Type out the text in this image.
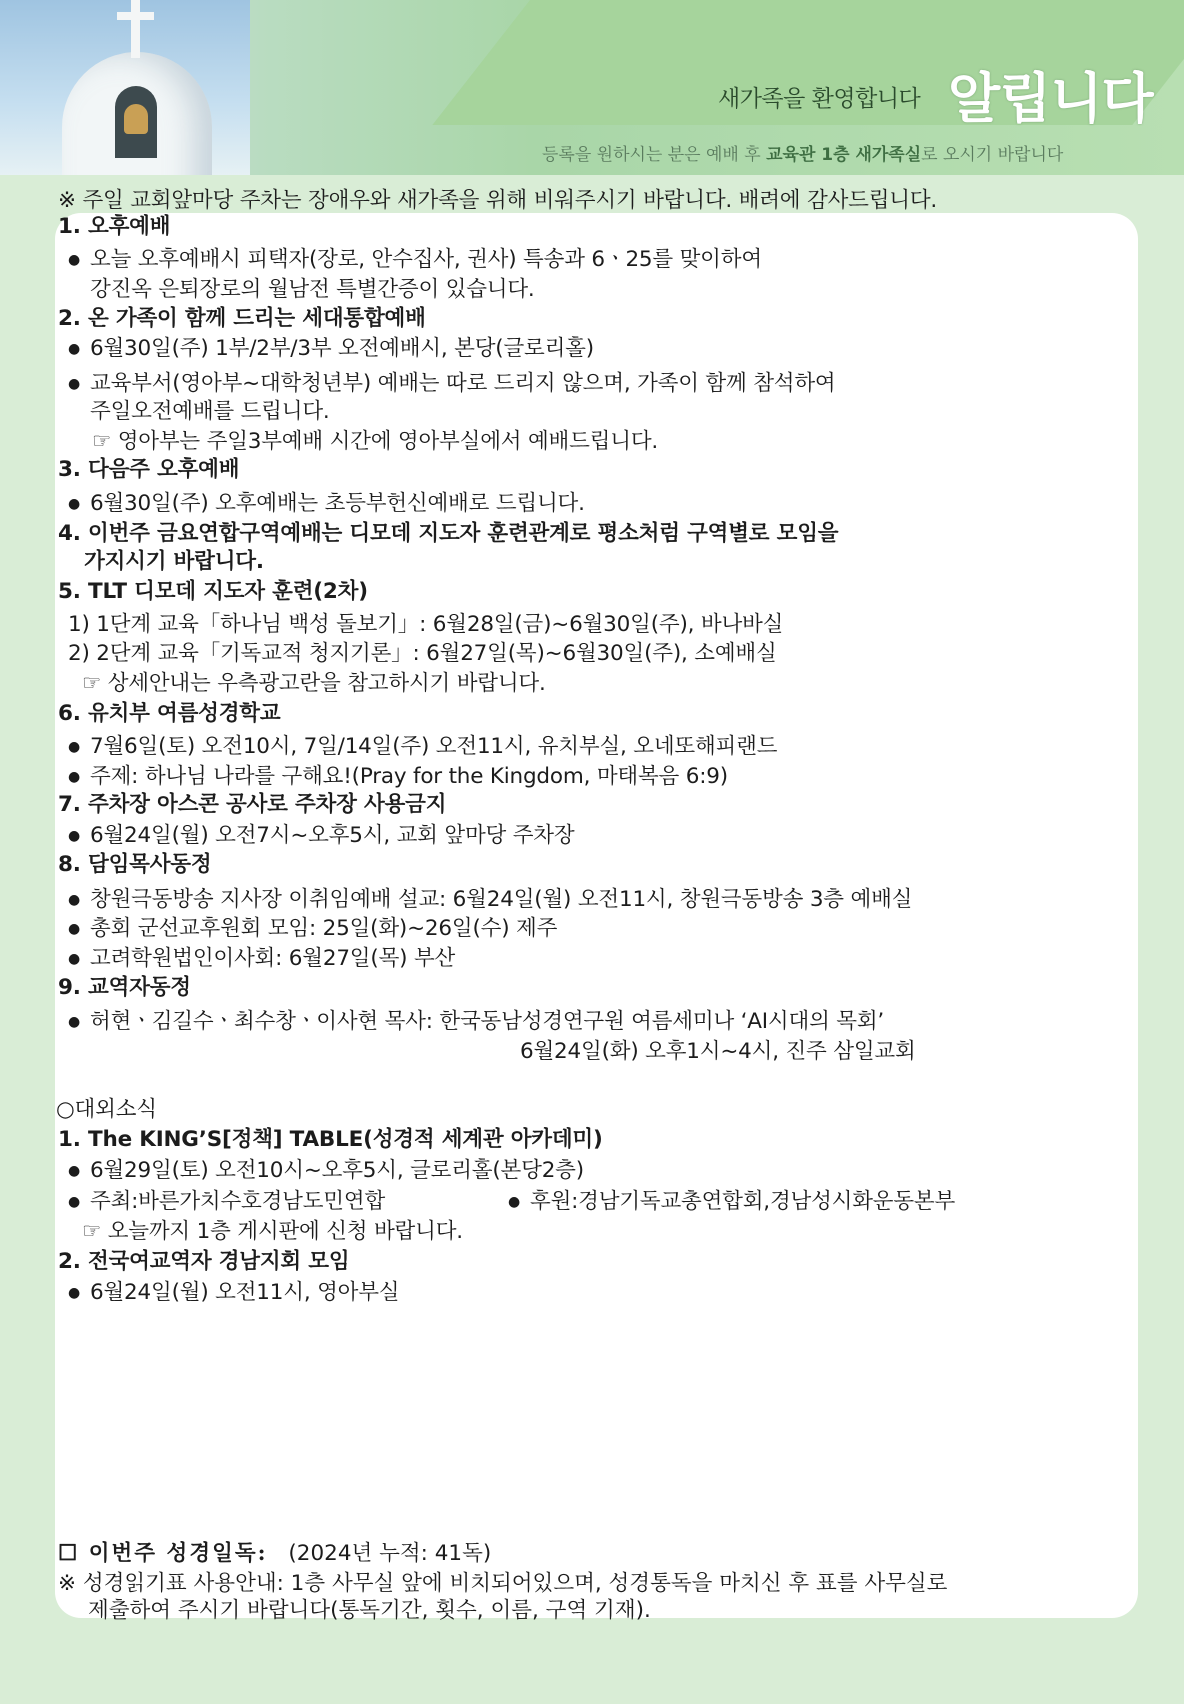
새가족을 환영합니다 알립니다
등록을 원하시는 분은 예배 후 교육관 1층 새가족실로 오시기 바랍니다
※ 주일 교회앞마당 주차는 장애우와 새가족을 위해 비워주시기 바랍니다. 배려에 감사드립니다.
1. 오후예배
● 오늘 오후예배시 피택자(장로, 안수집사, 권사) 특송과 6ㆍ25를 맞이하여
강진옥 은퇴장로의 월남전 특별간증이 있습니다.
2. 온 가족이 함께 드리는 세대통합예배
● 6월30일(주) 1부/2부/3부 오전예배시, 본당(글로리홀)
● 교육부서(영아부~대학청년부) 예배는 따로 드리지 않으며, 가족이 함께 참석하여
주일오전예배를 드립니다.
☞ 영아부는 주일3부예배 시간에 영아부실에서 예배드립니다.
3. 다음주 오후예배
● 6월30일(주) 오후예배는 초등부헌신예배로 드립니다.
4. 이번주 금요연합구역예배는 디모데 지도자 훈련관계로 평소처럼 구역별로 모임을
가지시기 바랍니다.
5. TLT 디모데 지도자 훈련(2차)
1) 1단계 교육「하나님 백성 돌보기」: 6월28일(금)~6월30일(주), 바나바실
2) 2단계 교육「기독교적 청지기론」: 6월27일(목)~6월30일(주), 소예배실
☞ 상세안내는 우측광고란을 참고하시기 바랍니다.
6. 유치부 여름성경학교
● 7월6일(토) 오전10시, 7일/14일(주) 오전11시, 유치부실, 오네또해피랜드
● 주제: 하나님 나라를 구해요!(Pray for the Kingdom, 마태복음 6:9)
7. 주차장 아스콘 공사로 주차장 사용금지
● 6월24일(월) 오전7시~오후5시, 교회 앞마당 주차장
8. 담임목사동정
● 창원극동방송 지사장 이취임예배 설교: 6월24일(월) 오전11시, 창원극동방송 3층 예배실
● 총회 군선교후원회 모임: 25일(화)~26일(수) 제주
● 고려학원법인이사회: 6월27일(목) 부산
9. 교역자동정
● 허현ㆍ김길수ㆍ최수창ㆍ이사현 목사: 한국동남성경연구원 여름세미나 ‘AI시대의 목회’
6월24일(화) 오후1시~4시, 진주 삼일교회
○대외소식
1. The KING’S[정책] TABLE(성경적 세계관 아카데미)
● 6월29일(토) 오전10시~오후5시, 글로리홀(본당2층)
● 주최:바른가치수호경남도민연합
●	후원:경남기독교총연합회,경남성시화운동본부
☞ 오늘까지 1층 게시판에 신청 바랍니다.
2. 전국여교역자 경남지회 모임
● 6월24일(월) 오전11시, 영아부실
☐ 이번주 성경일독: (2024년 누적: 41독)
※ 성경읽기표 사용안내: 1층 사무실 앞에 비치되어있으며, 성경통독을 마치신 후 표를 사무실로
제출하여 주시기 바랍니다(통독기간, 횟수, 이름, 구역 기재).
